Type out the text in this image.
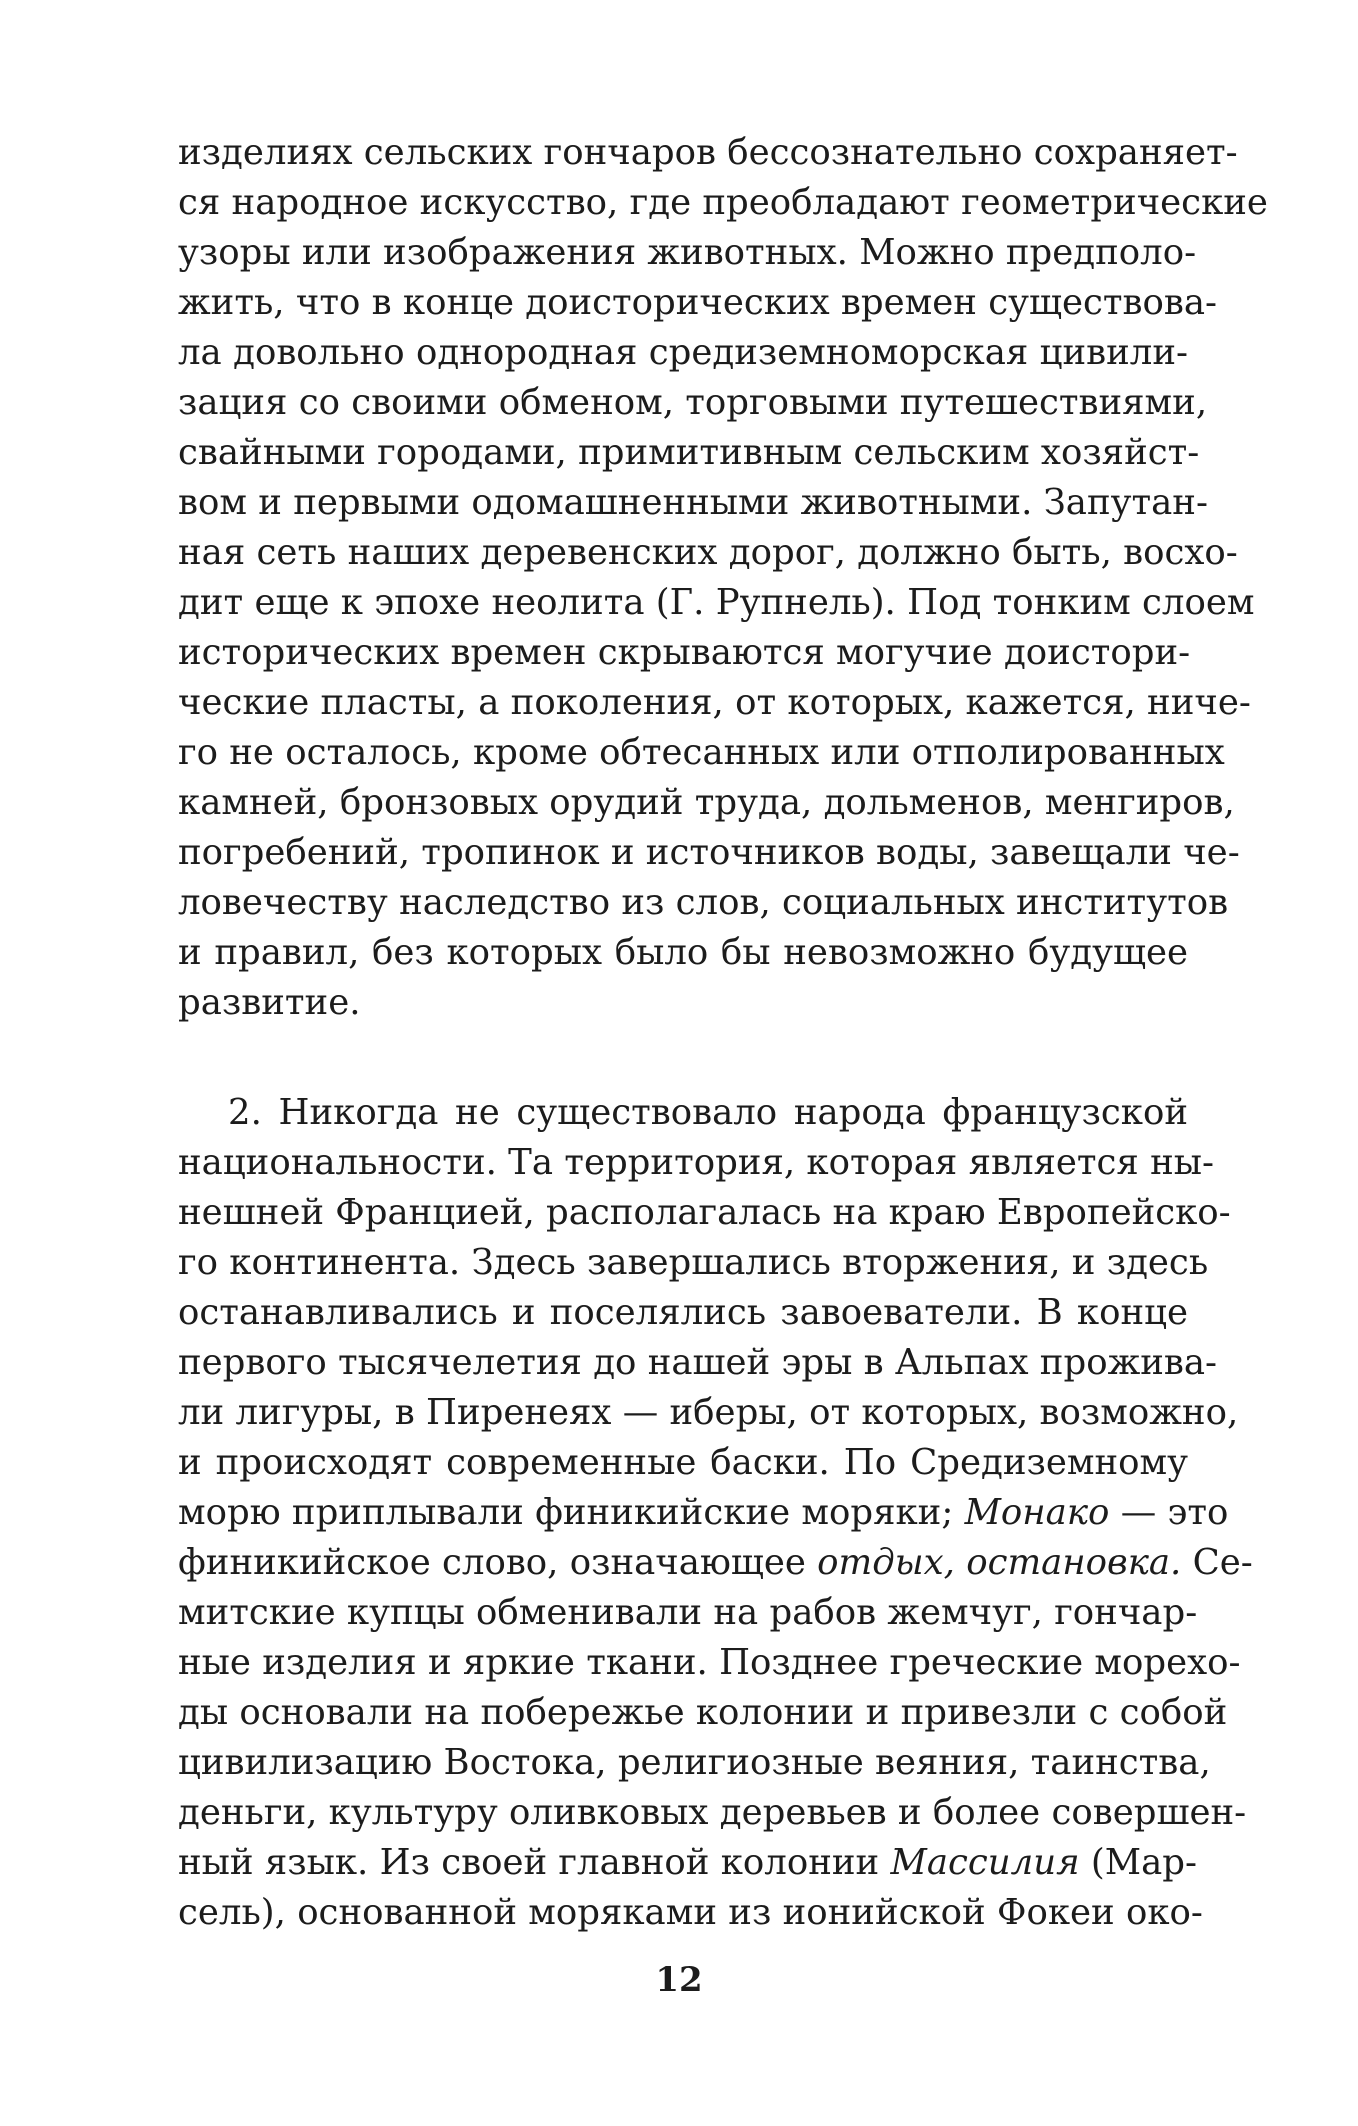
изделиях сельских гончаров бессознательно сохраняет-
ся народное искусство, где преобладают геометрические
узоры или изображения животных. Можно предполо-
жить, что в конце доисторических времен существова-
ла довольно однородная средиземноморская цивили-
зация со своими обменом, торговыми путешествиями,
свайными городами, примитивным сельским хозяйст-
вом и первыми одомашненными животными. Запутан-
ная сеть наших деревенских дорог, должно быть, восхо-
дит еще к эпохе неолита (Г. Рупнель). Под тонким слоем
исторических времен скрываются могучие доистори-
ческие пласты, а поколения, от которых, кажется, ниче-
го не осталось, кроме обтесанных или отполированных
камней, бронзовых орудий труда, дольменов, менгиров,
погребений, тропинок и источников воды, завещали че-
ловечеству наследство из слов, социальных институтов
и правил, без которых было бы невозможно будущее
развитие.
2. Никогда не существовало народа французской
национальности. Та территория, которая является ны-
нешней Францией, располагалась на краю Европейско-
го континента. Здесь завершались вторжения, и здесь
останавливались и поселялись завоеватели. В конце
первого тысячелетия до нашей эры в Альпах прожива-
ли лигуры, в Пиренеях — иберы, от которых, возможно,
и происходят современные баски. По Средиземному
морю приплывали финикийские моряки; Монако — это
финикийское слово, означающее отдых, остановка. Се-
митские купцы обменивали на рабов жемчуг, гончар-
ные изделия и яркие ткани. Позднее греческие морехо-
ды основали на побережье колонии и привезли с собой
цивилизацию Востока, религиозные веяния, таинства,
деньги, культуру оливковых деревьев и более совершен-
ный язык. Из своей главной колонии Массилия (Мар-
сель), основанной моряками из ионийской Фокеи око-
12
